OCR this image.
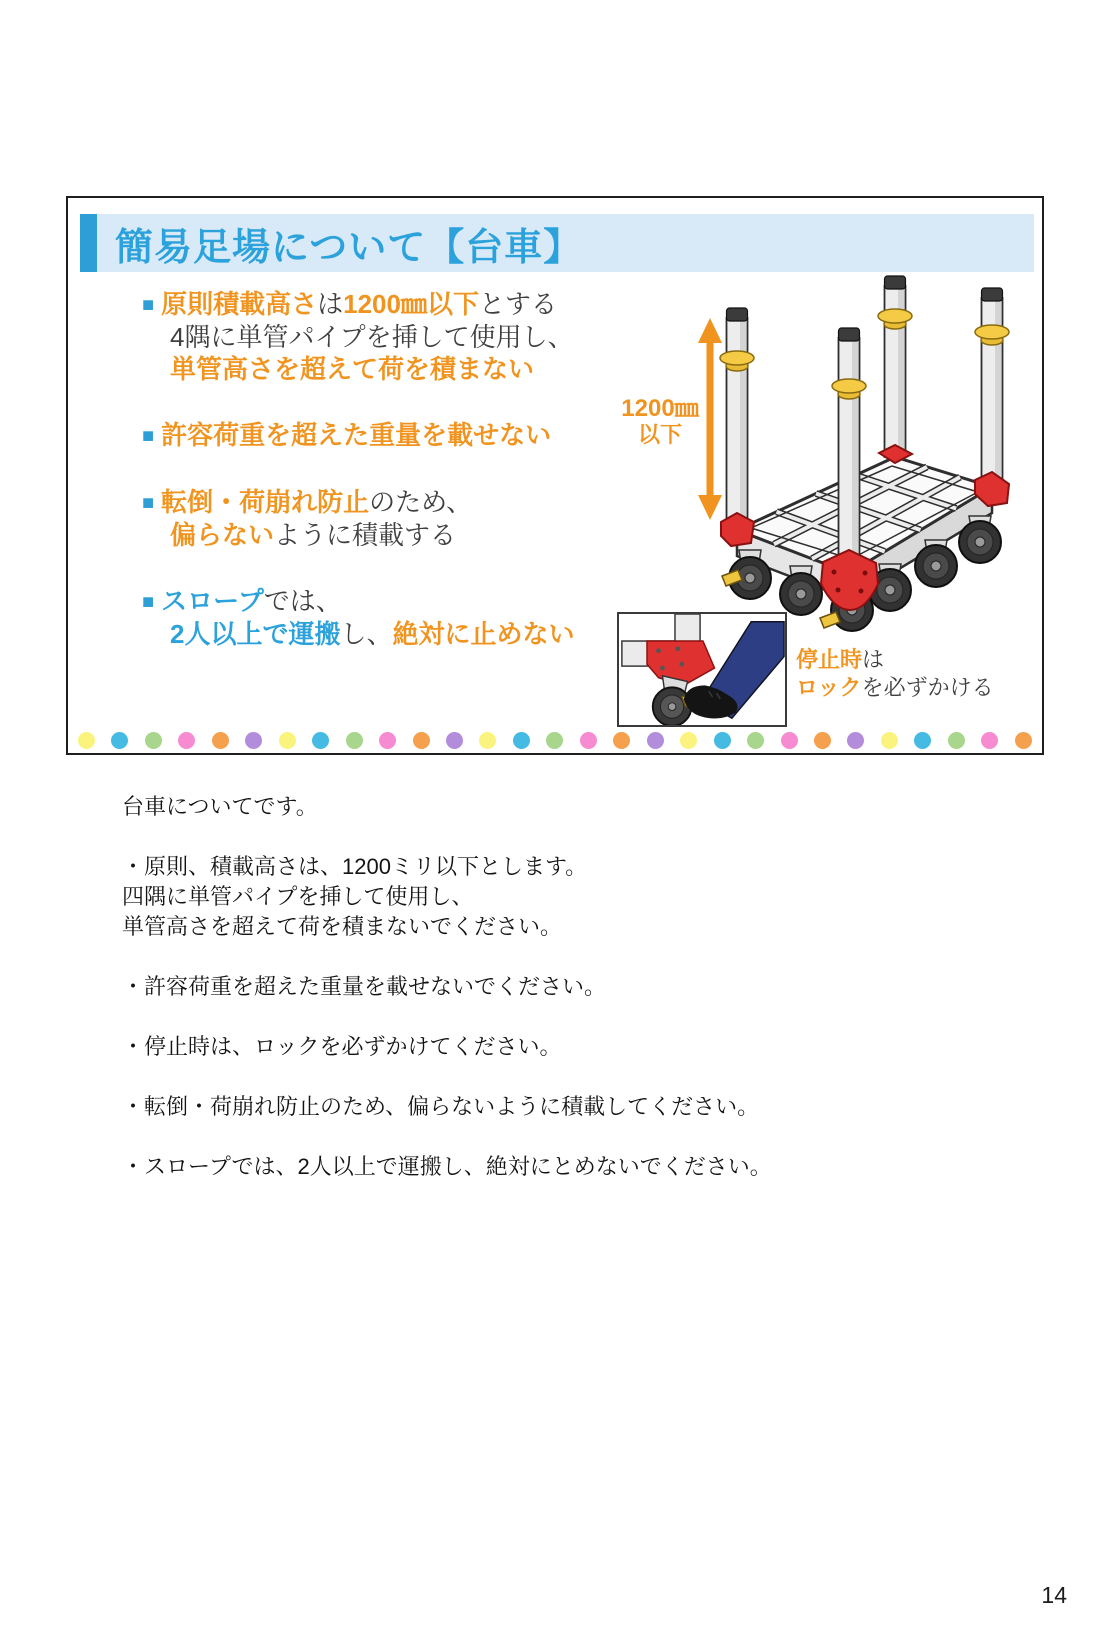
簡易足場について【台車】
■ 原則積載高さは1200㎜以下とする
4隅に単管パイプを挿して使用し、
単管高さを超えて荷を積まない
■ 許容荷重を超えた重量を載せない
■ 転倒・荷崩れ防止のため、
偏らないように積載する
■ スロープでは、
2人以上で運搬し、絶対に止めない
1200㎜
以下
停止時は
ロックを必ずかける
台車についてです。

・原則、積載高さは、1200ミリ以下とします。
四隅に単管パイプを挿して使用し、
単管高さを超えて荷を積まないでください。

・許容荷重を超えた重量を載せないでください。

・停止時は、ロックを必ずかけてください。

・転倒・荷崩れ防止のため、偏らないように積載してください。

・スロープでは、2人以上で運搬し、絶対にとめないでください。
14
